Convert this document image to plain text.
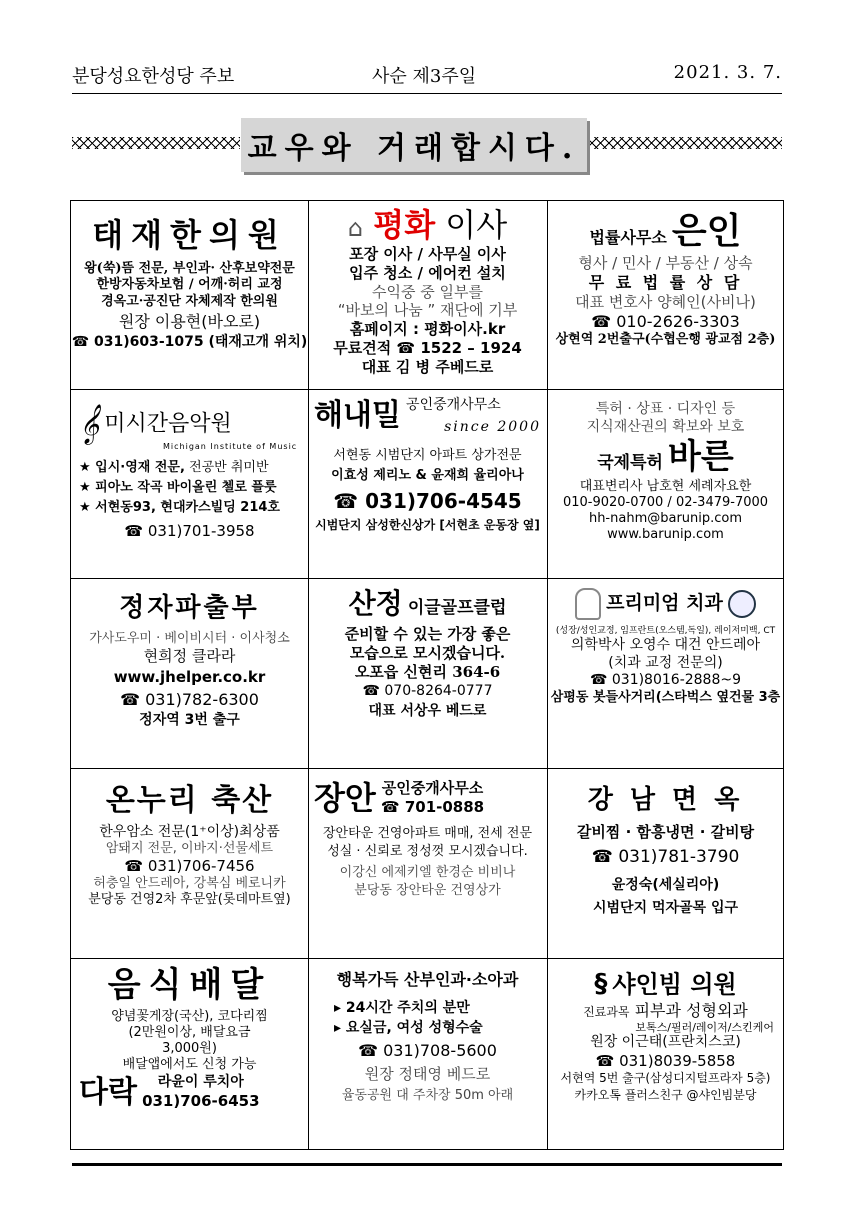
분당성요한성당 주보	사순 제3주일	2021. 3. 7.
교우와 거래합시다.
태재한의원
왕(쑥)뜸 전문, 부인과· 산후보약전문
한방자동차보험 / 어깨·허리 교정
경옥고·공진단 자체제작 한의원
원장 이용현(바오로)
☎ 031)603-1075 (태재고개 위치)
⌂ 평화 이사
포장 이사 / 사무실 이사
입주 청소 / 에어컨 설치
수익중 중 일부를
“바보의 나눔 ” 재단에 기부
홈페이지 : 평화이사.kr
무료견적 ☎ 1522 – 1924
대표 김 병 주베드로
법률사무소 은인
형사 / 민사 / 부동산 / 상속
무 료 법 률 상 담
대표 변호사 양혜인(사비나)
☎ 010-2626-3303
상현역 2번출구(수협은행 광교점 2층)
𝄞 미시간음악원
Michigan Institute of Music
★ 입시·영재 전문, 전공반 취미반
★ 피아노 작곡 바이올린 첼로 플룻
★ 서현동93, 현대카스빌딩 214호
☎ 031)701-3958
해내밀 공인중개사무소
since 2000
서현동 시범단지 아파트 상가전문
이효성 제리노 & 윤재희 율리아나
☎ 031)706-4545
시범단지 삼성한신상가 [서현초 운동장 옆]
특허 · 상표 · 디자인 등
지식재산권의 확보와 보호
국제특허 바른
대표변리사 남호현 세례자요한
010-9020-0700 / 02-3479-7000
hh-nahm@barunip.com
www.barunip.com
정자파출부
가사도우미 · 베이비시터 · 이사청소
현희정 클라라
www.jhelper.co.kr
☎ 031)782-6300
정자역 3번 출구
산정 이글골프클럽
준비할 수 있는 가장 좋은
모습으로 모시겠습니다.
오포읍 신현리 364-6
☎ 070-8264-0777
대표 서상우 베드로
프리미엄 치과
(성장/성인교정, 임프란트(오스템,독일), 레이저미백, CT
의학박사 오영수 대건 안드레아
(치과 교정 전문의)
☎ 031)8016-2888~9
삼평동 봇들사거리(스타벅스 옆건물 3층
온누리 축산
한우암소 전문(1⁺이상)최상품
암돼지 전문, 이바지·선물세트
☎ 031)706-7456
허충일 안드레아, 강복심 베로니카
분당동 건영2차 후문앞(롯데마트옆)
장안 공인중개사무소
☎ 701-0888
장안타운 건영아파트 매매, 전세 전문
성실 · 신뢰로 정성껏 모시겠습니다.
이강신 에제키엘 한경순 비비나
분당동 장안타운 건영상가
강 남 면 옥
갈비찜 · 함흥냉면 · 갈비탕
☎ 031)781-3790
윤정숙(세실리아)
시범단지 먹자골목 입구
음식배달
양념꽃게장(국산), 코다리찜
(2만원이상, 배달요금
3,000원)
배달앱에서도 신청 가능
다락	라윤이 루치아
031)706-6453
행복가득 산부인과·소아과
▸ 24시간 주치의 분만
▸ 요실금, 여성 성형수술
☎ 031)708-5600
원장 정태영 베드로
율동공원 대 주차장 50m 아래
§ 샤인빔 의원
진료과목 피부과 성형외과
보톡스/필러/레이저/스킨케어
원장 이근태(프란치스코)
☎ 031)8039-5858
서현역 5번 출구(삼성디지털프라자 5층)
카카오톡 플러스친구 @샤인빔분당
